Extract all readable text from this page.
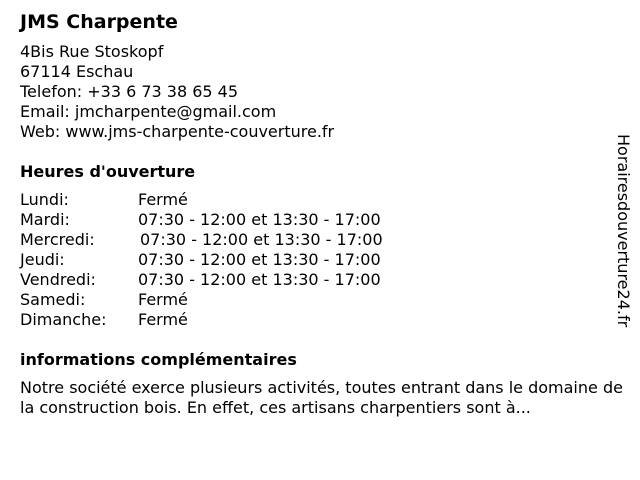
JMS Charpente
4Bis Rue Stoskopf
67114 Eschau
Telefon: +33 6 73 38 65 45
Email: jmcharpente@gmail.com
Web: www.jms-charpente-couverture.fr
Heures d'ouverture
Lundi:	Fermé
Mardi:	07:30 - 12:00 et 13:30 - 17:00
Mercredi:	07:30 - 12:00 et 13:30 - 17:00
Jeudi:	07:30 - 12:00 et 13:30 - 17:00
Vendredi:	07:30 - 12:00 et 13:30 - 17:00
Samedi:	Fermé
Dimanche:	Fermé
informations complémentaires
Notre société exerce plusieurs activités, toutes entrant dans le domaine de la construction bois. En effet, ces artisans charpentiers sont à...
Horairesdouverture24.fr
